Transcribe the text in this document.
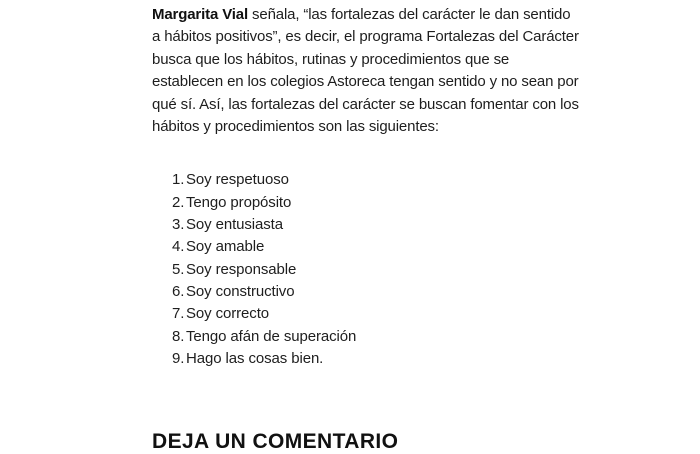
Margarita Vial señala, “las fortalezas del carácter le dan sentido a hábitos positivos”, es decir, el programa Fortalezas del Carácter busca que los hábitos, rutinas y procedimientos que se establecen en los colegios Astoreca tengan sentido y no sean por qué sí. Así, las fortalezas del carácter se buscan fomentar con los hábitos y procedimientos son las siguientes:

1. Soy respetuoso
2. Tengo propósito
3. Soy entusiasta
4. Soy amable
5. Soy responsable
6. Soy constructivo
7. Soy correcto
8. Tengo afán de superación
9. Hago las cosas bien.
DEJA UN COMENTARIO
